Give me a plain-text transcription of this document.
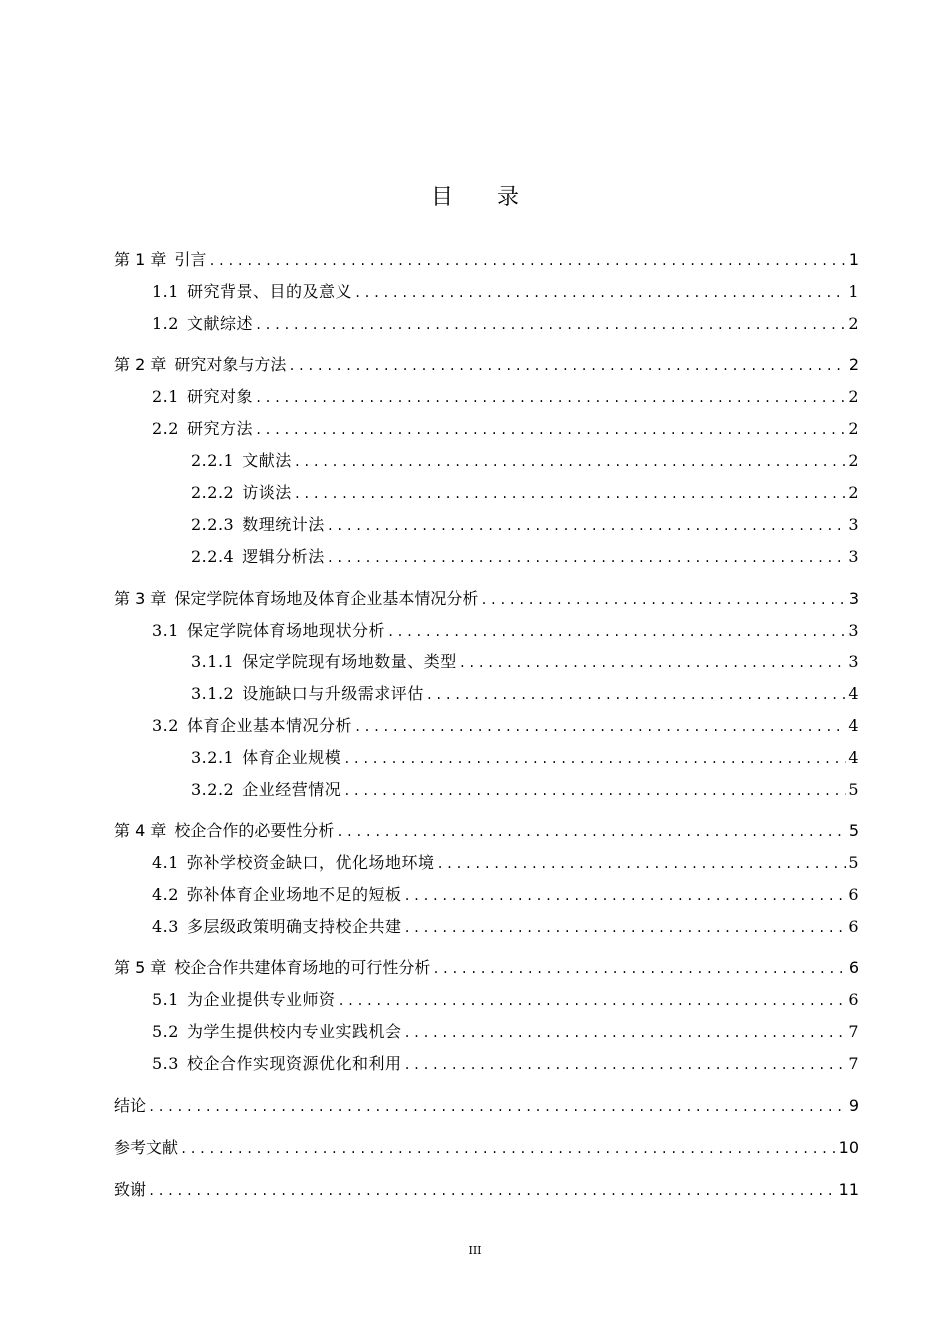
目 录
第 1 章 引言 .....	1
1.1 研究背景、目的及意义 .....	1
1.2 文献综述 .....	2
第 2 章 研究对象与方法 .....	2
2.1 研究对象 .....	2
2.2 研究方法 .....	2
2.2.1 文献法 .....	2
2.2.2 访谈法 .....	2
2.2.3 数理统计法 .....	3
2.2.4 逻辑分析法 .....	3
第 3 章 保定学院体育场地及体育企业基本情况分析 .....	3
3.1 保定学院体育场地现状分析 .....	3
3.1.1 保定学院现有场地数量、类型 .....	3
3.1.2 设施缺口与升级需求评估 .....	4
3.2 体育企业基本情况分析 .....	4
3.2.1 体育企业规模 .....	4
3.2.2 企业经营情况 .....	5
第 4 章 校企合作的必要性分析 .....	5
4.1 弥补学校资金缺口，优化场地环境 .....	5
4.2 弥补体育企业场地不足的短板 .....	6
4.3 多层级政策明确支持校企共建 .....	6
第 5 章 校企合作共建体育场地的可行性分析 .....	6
5.1 为企业提供专业师资 .....	6
5.2 为学生提供校内专业实践机会 .....	7
5.3 校企合作实现资源优化和利用 .....	7
结论 .....	9
参考文献 .....	10
致谢 .....	11
III
